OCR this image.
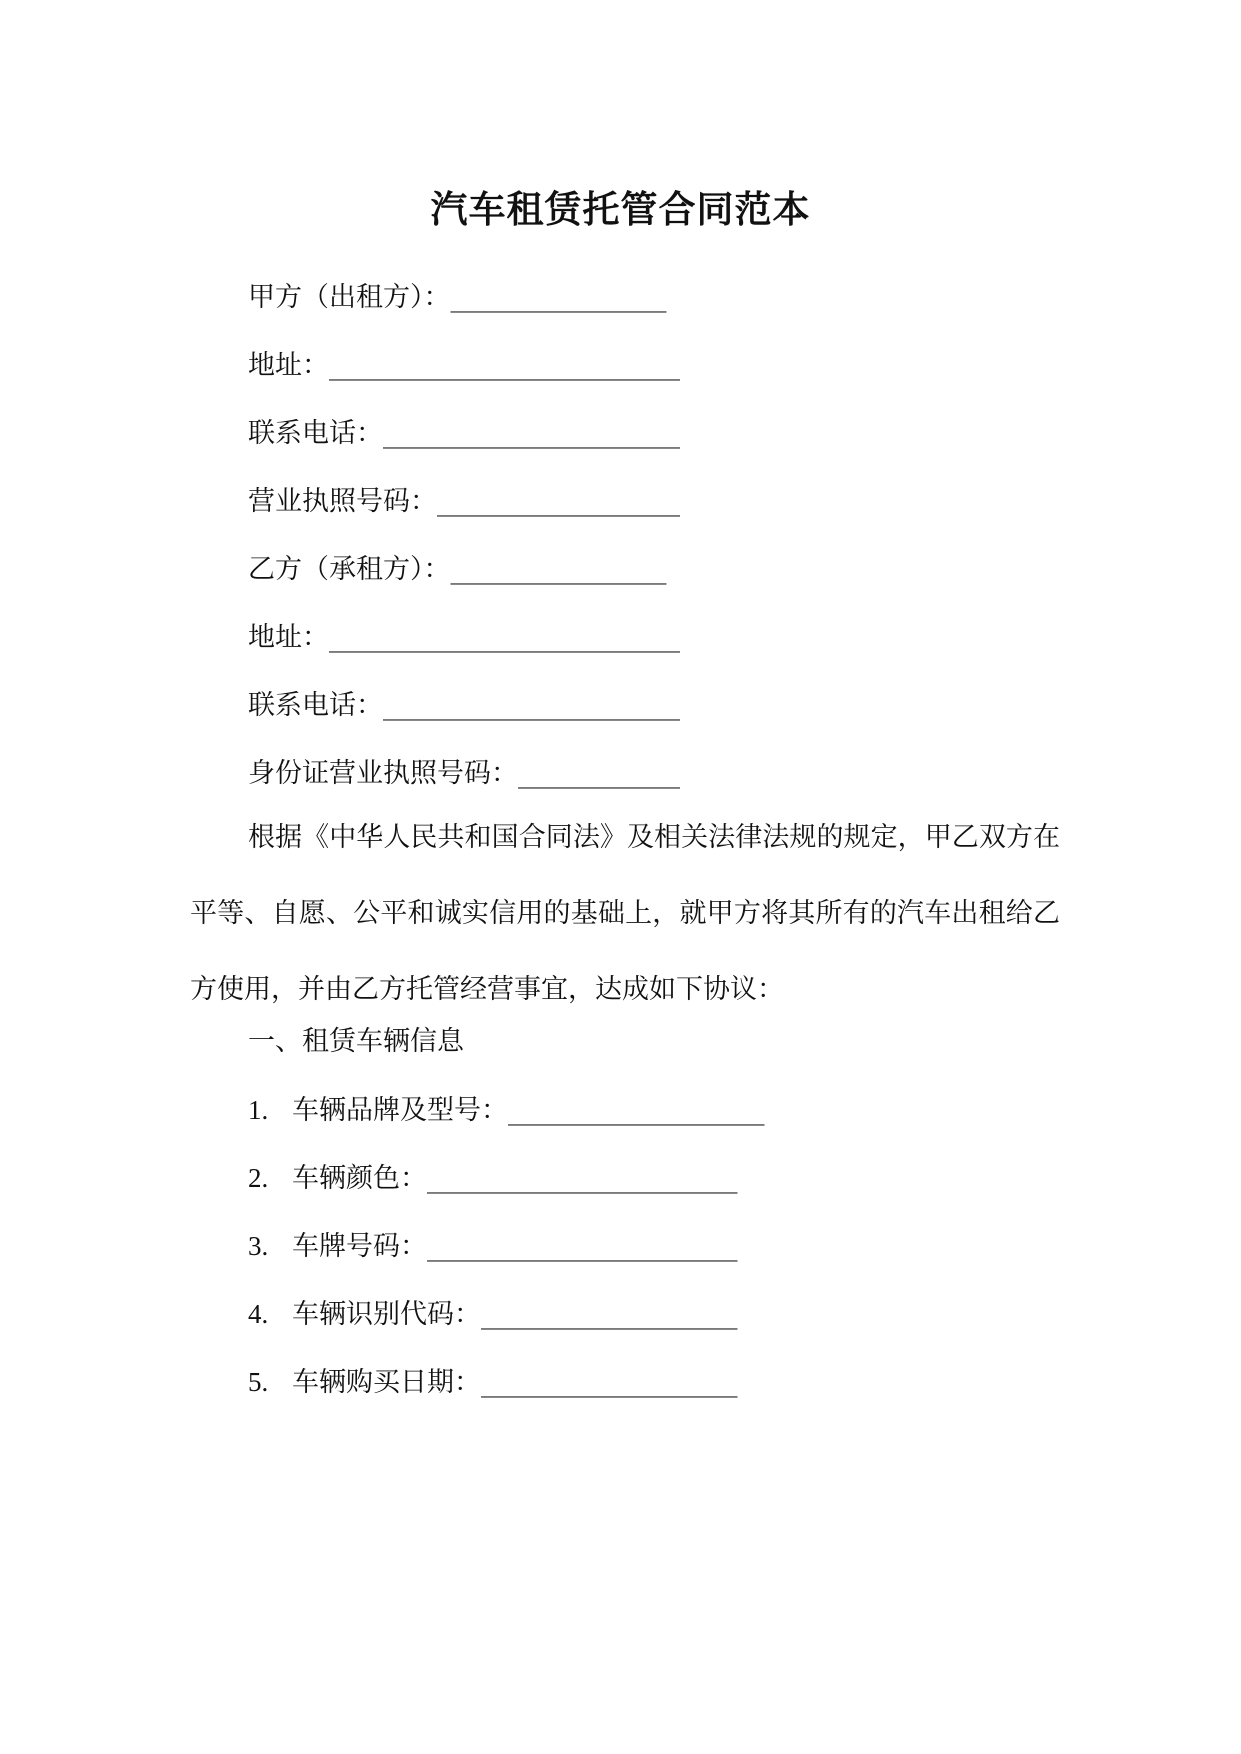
汽车租赁托管合同范本
甲方（出租方）：________________
地址：__________________________
联系电话：______________________
营业执照号码：__________________
乙方（承租方）：________________
地址：__________________________
联系电话：______________________
身份证营业执照号码：____________
根据《中华人民共和国合同法》及相关法律法规的规定，甲乙双方在平等、自愿、公平和诚实信用的基础上，就甲方将其所有的汽车出租给乙方使用，并由乙方托管经营事宜，达成如下协议：
一、租赁车辆信息
1. 车辆品牌及型号：___________________
2. 车辆颜色：_______________________
3. 车牌号码：_______________________
4. 车辆识别代码：___________________
5. 车辆购买日期：___________________
